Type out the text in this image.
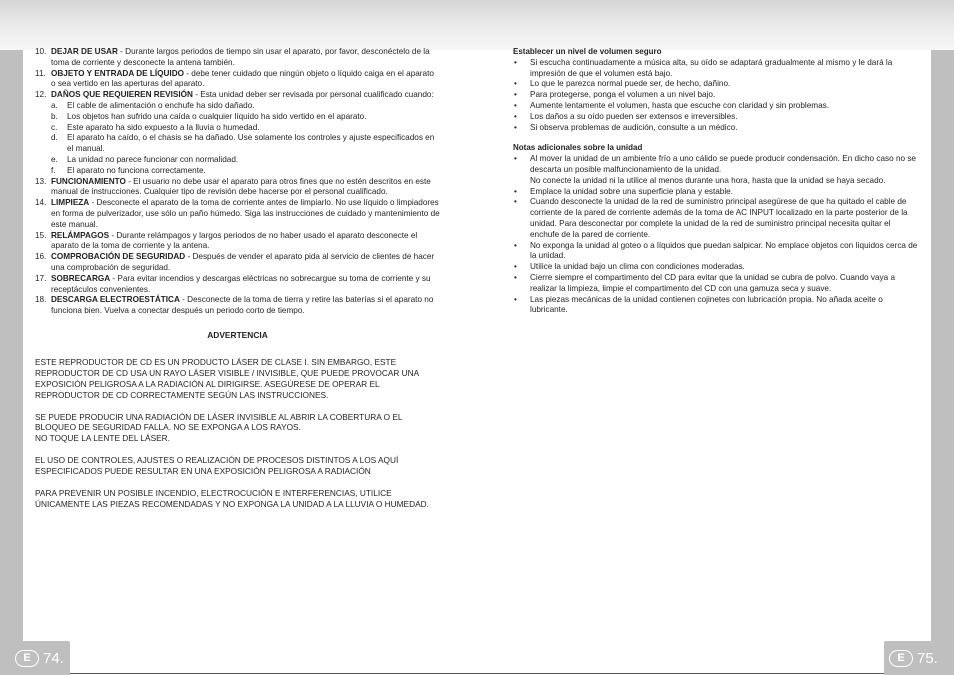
10. DEJAR DE USAR - Durante largos periodos de tiempo sin usar el aparato, por favor, desconéctelo de la toma de corriente y desconecte la antena también.
11. OBJETO Y ENTRADA DE LÍQUIDO - debe tener cuidado que ningún objeto o líquido caiga en el aparato o sea vertido en las aperturas del aparato.
12. DAÑOS QUE REQUIEREN REVISIÓN - Esta unidad deber ser revisada por personal cualificado cuando:
a. El cable de alimentación o enchufe ha sido dañado.
b. Los objetos han sufrido una caída o cualquier líquido ha sido vertido en el aparato.
c. Este aparato ha sido expuesto a la lluvia o humedad.
d. El aparato ha caído, o el chasis se ha dañado. Use solamente los controles y ajuste especificados en el manual.
e. La unidad no parece funcionar con normalidad.
f. El aparato no funciona correctamente.
13. FUNCIONAMIENTO - El usuario no debe usar el aparato para otros fines que no estén descritos en este manual de instrucciones. Cualquier tipo de revisión debe hacerse por el personal cualificado.
14. LIMPIEZA - Desconecte el aparato de la toma de corriente antes de limpiarlo. No use líquido o limpiadores en forma de pulverizador, use sólo un paño húmedo. Siga las instrucciones de cuidado y mantenimiento de este manual.
15. RELÁMPAGOS - Durante relámpagos y largos periodos de no haber usado el aparato desconecte el aparato de la toma de corriente y la antena.
16. COMPROBACIÓN DE SEGURIDAD - Después de vender el aparato pida al servicio de clientes de hacer una comprobación de seguridad.
17. SOBRECARGA - Para evitar incendios y descargas eléctricas no sobrecargue su toma de corriente y su receptáculos convenientes.
18. DESCARGA ELECTROESTÁTICA - Desconecte de la toma de tierra y retire las baterías si el aparato no funciona bien. Vuelva a conectar después un periodo corto de tiempo.
ADVERTENCIA
ESTE REPRODUCTOR DE CD ES UN PRODUCTO LÁSER DE CLASE I. SIN EMBARGO, ESTE REPRODUCTOR DE CD USA UN RAYO LÁSER VISIBLE / INVISIBLE, QUE PUEDE PROVOCAR UNA EXPOSICIÓN PELIGROSA A LA RADIACIÓN AL DIRIGIRSE. ASEGÚRESE DE OPERAR EL REPRODUCTOR DE CD CORRECTAMENTE SEGÚN LAS INSTRUCCIONES.
SE PUEDE PRODUCIR UNA RADIACIÓN DE LÁSER INVISIBLE AL ABRIR LA COBERTURA O EL BLOQUEO DE SEGURIDAD FALLA. NO SE EXPONGA A LOS RAYOS.
NO TOQUE LA LENTE DEL LÁSER.
EL USO DE CONTROLES, AJUSTES O REALIZACIÓN DE PROCESOS DISTINTOS A LOS AQUÍ ESPECIFICADOS PUEDE RESULTAR EN UNA EXPOSICIÓN PELIGROSA A RADIACIÓN
PARA PREVENIR UN POSIBLE INCENDIO, ELECTROCUCIÓN E INTERFERENCIAS, UTILICE ÚNICAMENTE LAS PIEZAS RECOMENDADAS Y NO EXPONGA LA UNIDAD A LA LLUVIA O HUMEDAD.
Establecer un nivel de volumen seguro
• Si escucha continuadamente a música alta, su oído se adaptará gradualmente al mismo y le dará la impresión de que el volumen está bajo.
• Lo que le parezca normal puede ser, de hecho, dañino.
• Para protegerse, ponga el volumen a un nivel bajo.
• Aumente lentamente el volumen, hasta que escuche con claridad y sin problemas.
• Los daños a su oído pueden ser extensos e irreversibles.
• Si observa problemas de audición, consulte a un médico.
Notas adicionales sobre la unidad
• Al mover la unidad de un ambiente frío a uno cálido se puede producir condensación. En dicho caso no se descarta un posible malfuncionamiento de la unidad.
No conecte la unidad ni la utilice al menos durante una hora, hasta que la unidad se haya secado.
• Emplace la unidad sobre una superficie plana y estable.
• Cuando desconecte la unidad de la red de suministro principal asegúrese de que ha quitado el cable de corriente de la pared de corriente además de la toma de AC INPUT localizado en la parte posterior de la unidad. Para desconectar por complete la unidad de la red de suministro principal necesita quitar el enchufe de la pared de corriente.
• No exponga la unidad al goteo o a líquidos que puedan salpicar. No emplace objetos con líquidos cerca de la unidad.
• Utilice la unidad bajo un clima con condiciones moderadas.
• Cierre siempre el compartimento del CD para evitar que la unidad se cubra de polvo. Cuando vaya a realizar la limpieza, limpie el compartimento del CD con una gamuza seca y suave.
• Las piezas mecánicas de la unidad contienen cojinetes con lubricación propia. No añada aceite o lubricante.
E 74.	E 75.
